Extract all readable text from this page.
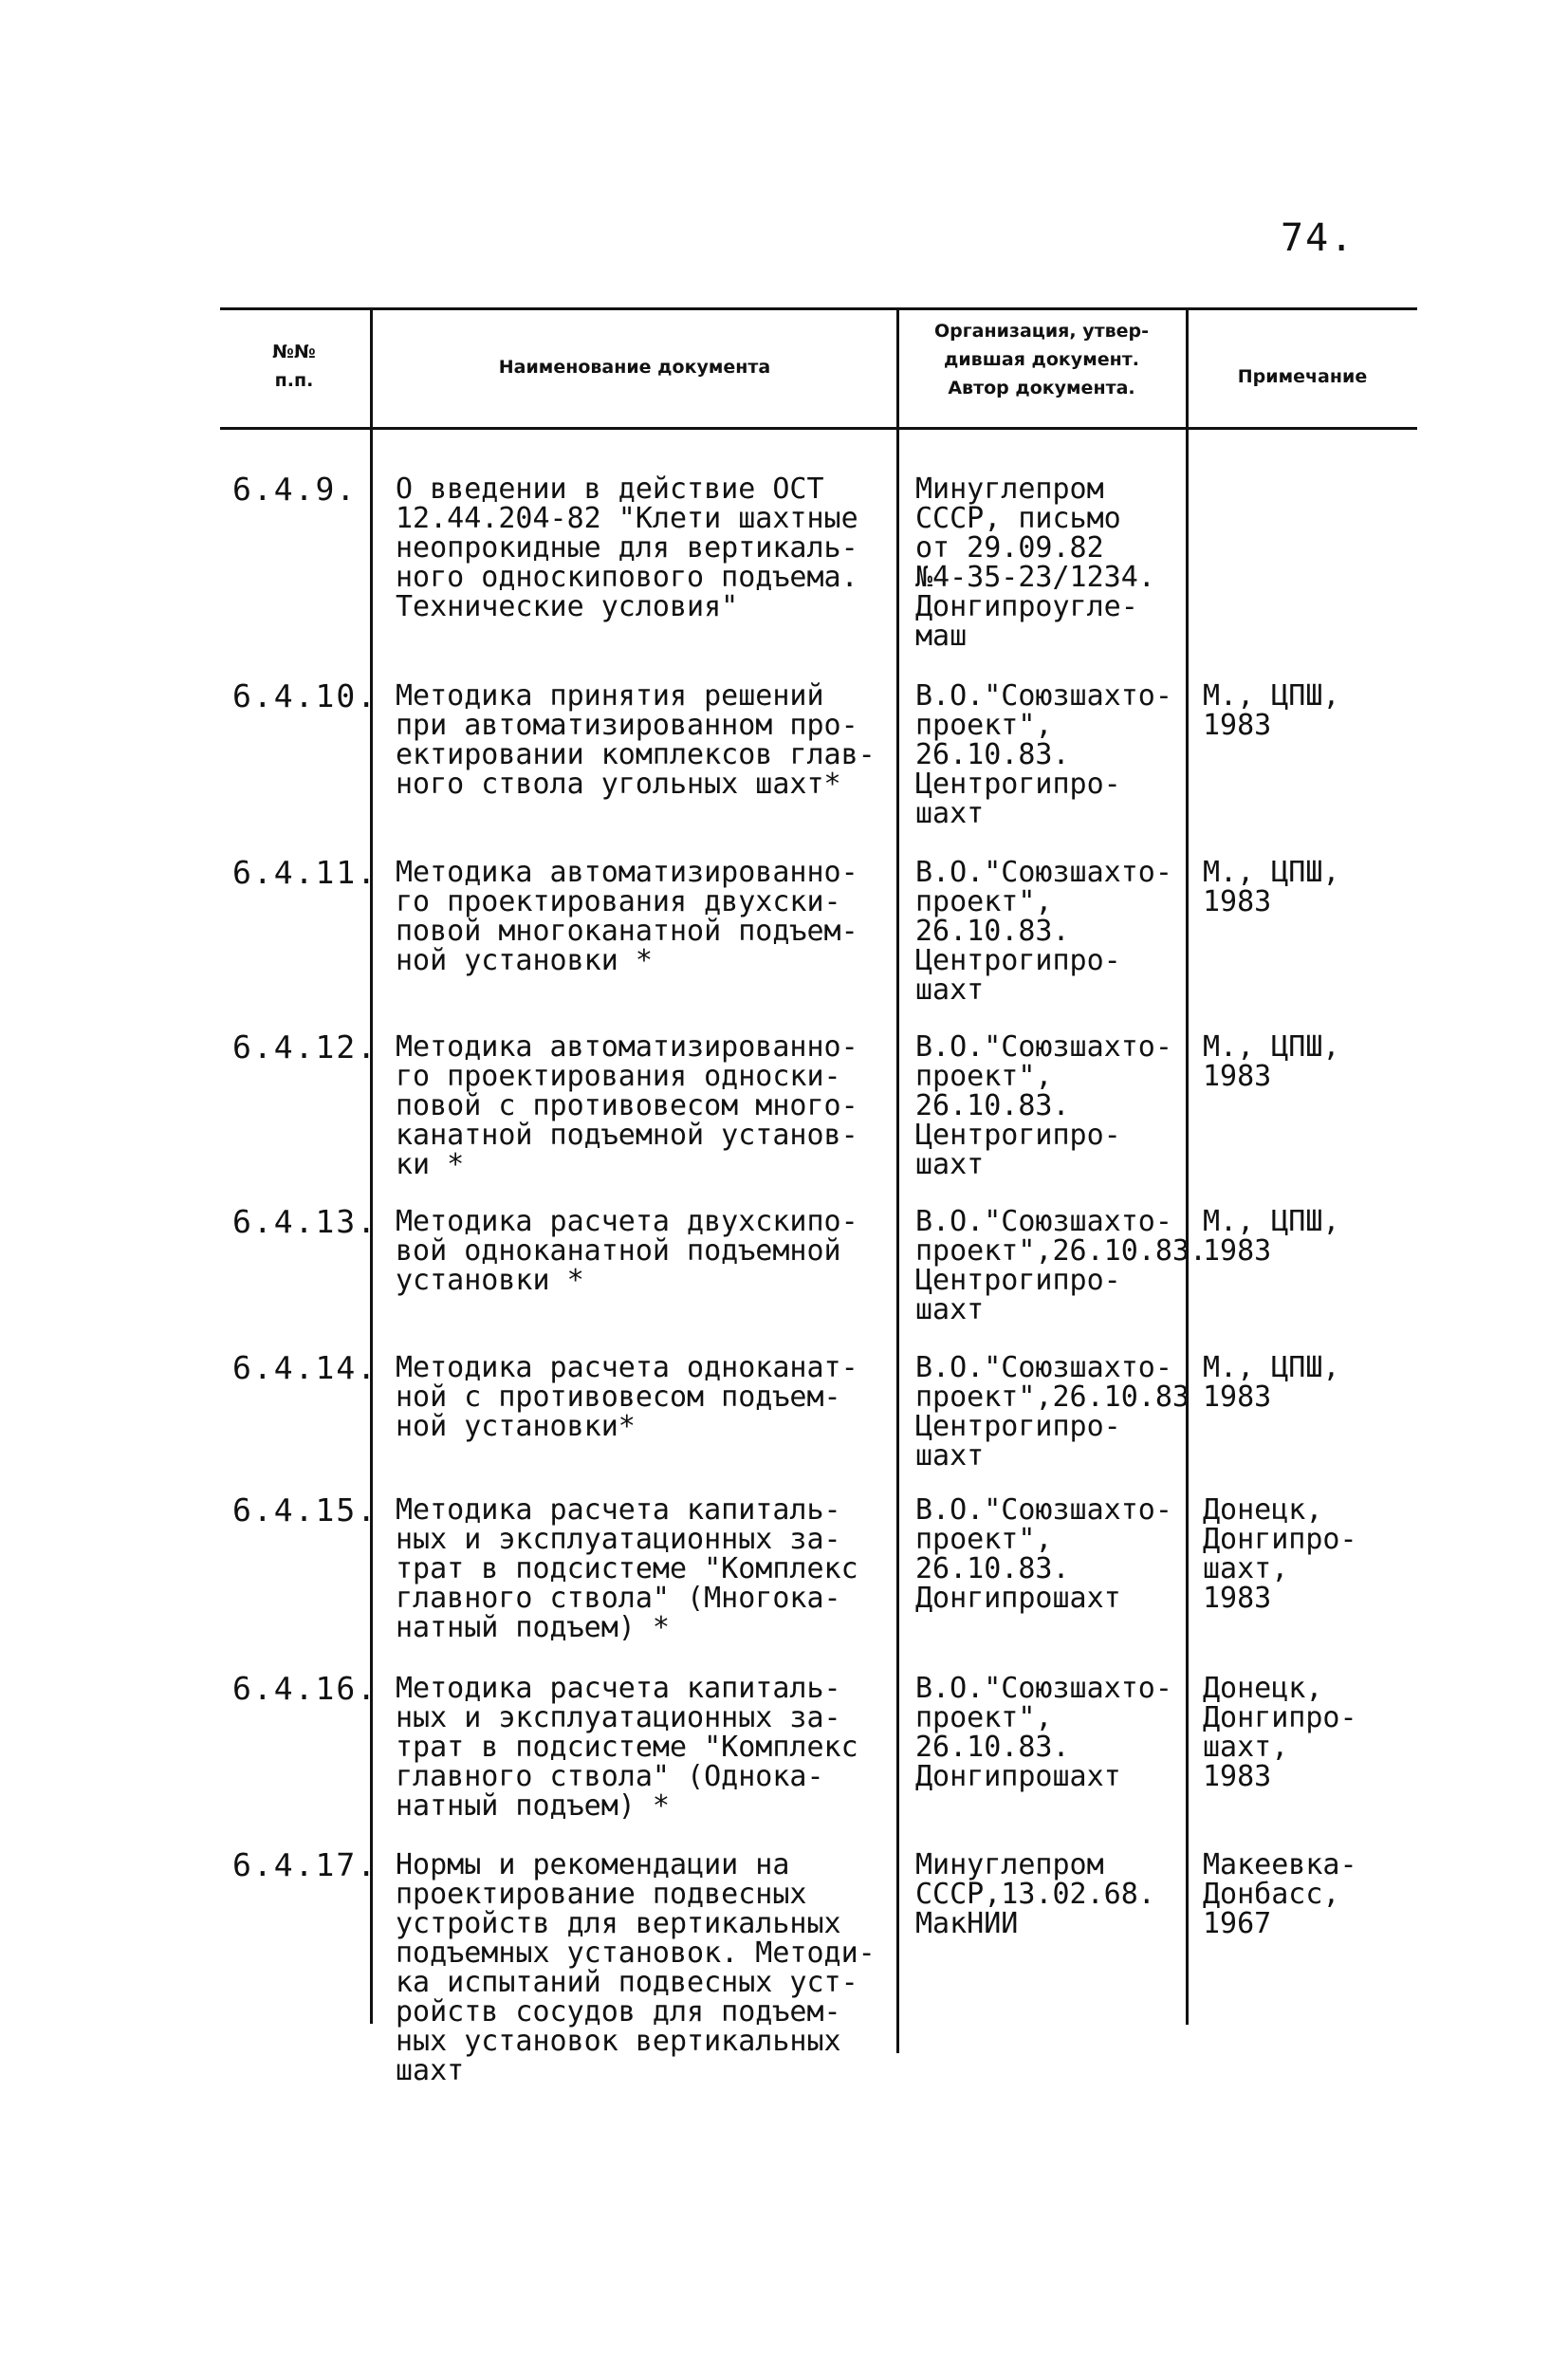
74.
№№
п.п.
Наименование документа
Организация, утвер-
дившая документ.
Автор документа.
Примечание
6.4.9. О введении в действие ОСТ
12.44.204-82 "Клети шахтные
неопрокидные для вертикаль-
ного односкипового подъема.
Технические условия"
Минуглепром
СССР, письмо
от 29.09.82
№4-35-23/1234.
Донгипроугле-
маш
6.4.10. Методика принятия решений
при автоматизированном про-
ектировании комплексов глав-
ного ствола угольных шахт*
В.О."Союзшахто-
проект",
26.10.83.
Центрогипро-
шахт
М., ЦПШ,
1983
6.4.11. Методика автоматизированно-
го проектирования двухски-
повой многоканатной подъем-
ной установки *
В.О."Союзшахто-
проект",
26.10.83.
Центрогипро-
шахт
М., ЦПШ,
1983
6.4.12. Методика автоматизированно-
го проектирования односки-
повой с противовесом много-
канатной подъемной установ-
ки *
В.О."Союзшахто-
проект",
26.10.83.
Центрогипро-
шахт
М., ЦПШ,
1983
6.4.13. Методика расчета двухскипо-
вой одноканатной подъемной
установки *
В.О."Союзшахто-
проект",26.10.83.
Центрогипро-
шахт
М., ЦПШ,
1983
6.4.14. Методика расчета одноканат-
ной с противовесом подъем-
ной установки*
В.О."Союзшахто-
проект",26.10.83
Центрогипро-
шахт
М., ЦПШ,
1983
6.4.15. Методика расчета капиталь-
ных и эксплуатационных за-
трат в подсистеме "Комплекс
главного ствола" (Многока-
натный подъем) *
В.О."Союзшахто-
проект",
26.10.83.
Донгипрошахт
Донецк,
Донгипро-
шахт,
1983
6.4.16. Методика расчета капиталь-
ных и эксплуатационных за-
трат в подсистеме "Комплекс
главного ствола" (Однока-
натный подъем) *
В.О."Союзшахто-
проект",
26.10.83.
Донгипрошахт
Донецк,
Донгипро-
шахт,
1983
6.4.17. Нормы и рекомендации на
проектирование подвесных
устройств для вертикальных
подъемных установок. Методи-
ка испытаний подвесных уст-
ройств сосудов для подъем-
ных установок вертикальных
шахт
Минуглепром
СССР,13.02.68.
МакНИИ
Макеевка-
Донбасс,
1967
